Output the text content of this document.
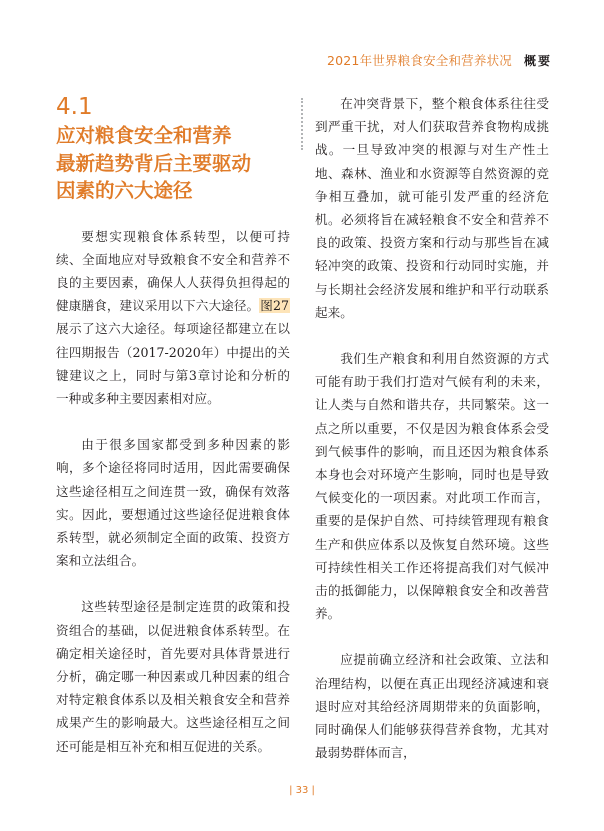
2021年世界粮食安全和营养状况 概要
4.1
应对粮食安全和营养
最新趋势背后主要驱动
因素的六大途径

要想实现粮食体系转型，以便可持续、全面地应对导致粮食不安全和营养不良的主要因素，确保人人获得负担得起的健康膳食，建议采用以下六大途径。图27展示了这六大途径。每项途径都建立在以往四期报告（2017-2020年）中提出的关键建议之上，同时与第3章讨论和分析的一种或多种主要因素相对应。

由于很多国家都受到多种因素的影响，多个途径将同时适用，因此需要确保这些途径相互之间连贯一致，确保有效落实。因此，要想通过这些途径促进粮食体系转型，就必须制定全面的政策、投资方案和立法组合。

这些转型途径是制定连贯的政策和投资组合的基础，以促进粮食体系转型。在确定相关途径时，首先要对具体背景进行分析，确定哪一种因素或几种因素的组合对特定粮食体系以及相关粮食安全和营养成果产生的影响最大。这些途径相互之间还可能是相互补充和相互促进的关系。

在冲突背景下，整个粮食体系往往受到严重干扰，对人们获取营养食物构成挑战。一旦导致冲突的根源与对生产性土地、森林、渔业和水资源等自然资源的竞争相互叠加，就可能引发严重的经济危机。必须将旨在减轻粮食不安全和营养不良的政策、投资方案和行动与那些旨在减轻冲突的政策、投资和行动同时实施，并与长期社会经济发展和维护和平行动联系起来。

我们生产粮食和利用自然资源的方式可能有助于我们打造对气候有利的未来，让人类与自然和谐共存，共同繁荣。这一点之所以重要，不仅是因为粮食体系会受到气候事件的影响，而且还因为粮食体系本身也会对环境产生影响，同时也是导致气候变化的一项因素。对此项工作而言，重要的是保护自然、可持续管理现有粮食生产和供应体系以及恢复自然环境。这些可持续性相关工作还将提高我们对气候冲击的抵御能力，以保障粮食安全和改善营养。

应提前确立经济和社会政策、立法和治理结构，以便在真正出现经济减速和衰退时应对其给经济周期带来的负面影响，同时确保人们能够获得营养食物，尤其对最弱势群体而言，

| 33 |
